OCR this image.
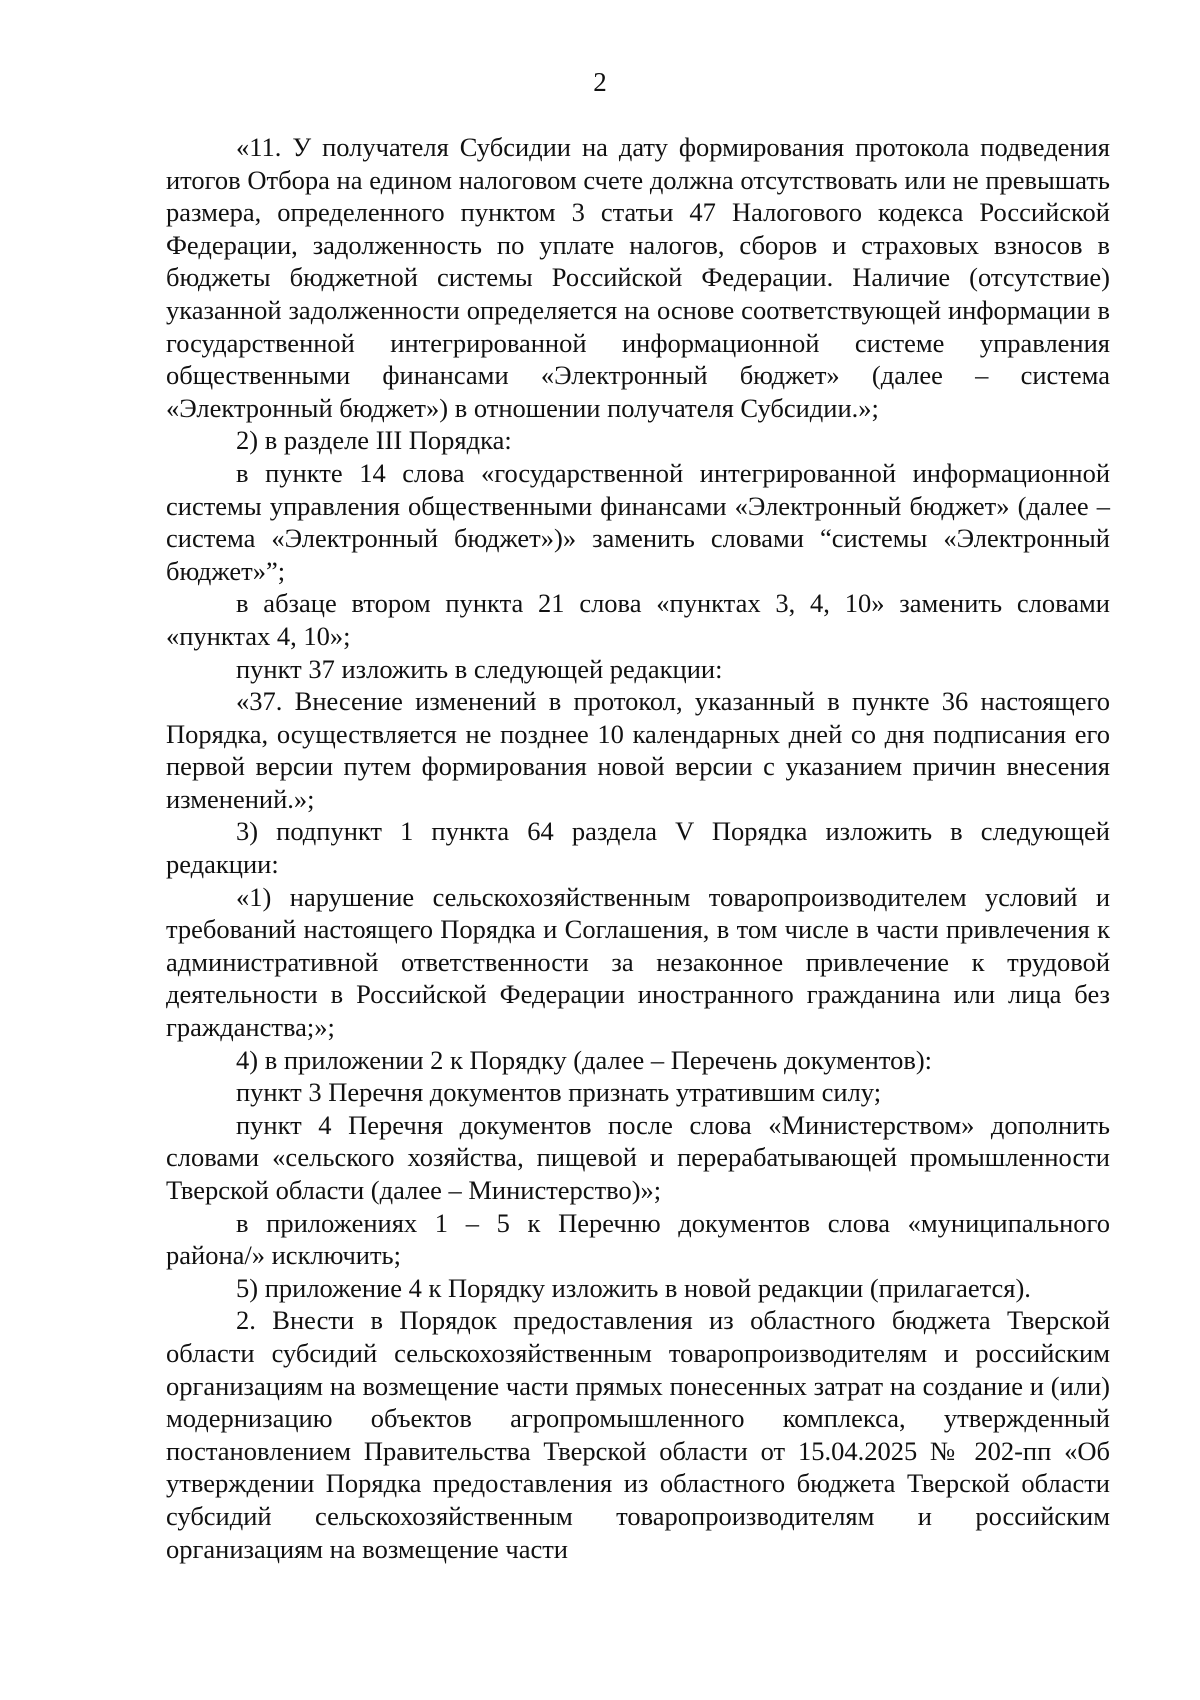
2

«11. У получателя Субсидии на дату формирования протокола подведения итогов Отбора на едином налоговом счете должна отсутствовать или не превышать размера, определенного пунктом 3 статьи 47 Налогового кодекса Российской Федерации, задолженность по уплате налогов, сборов и страховых взносов в бюджеты бюджетной системы Российской Федерации. Наличие (отсутствие) указанной задолженности определяется на основе соответствующей информации в государственной интегрированной информационной системе управления общественными финансами «Электронный бюджет» (далее – система «Электронный бюджет») в отношении получателя Субсидии.»;

2) в разделе III Порядка:

в пункте 14 слова «государственной интегрированной информационной системы управления общественными финансами «Электронный бюджет» (далее – система «Электронный бюджет»)» заменить словами “системы «Электронный бюджет»”;

в абзаце втором пункта 21 слова «пунктах 3, 4, 10» заменить словами «пунктах 4, 10»;

пункт 37 изложить в следующей редакции:

«37. Внесение изменений в протокол, указанный в пункте 36 настоящего Порядка, осуществляется не позднее 10 календарных дней со дня подписания его первой версии путем формирования новой версии с указанием причин внесения изменений.»;

3) подпункт 1 пункта 64 раздела V Порядка изложить в следующей редакции:

«1) нарушение сельскохозяйственным товаропроизводителем условий и требований настоящего Порядка и Соглашения, в том числе в части привлечения к административной ответственности за незаконное привлечение к трудовой деятельности в Российской Федерации иностранного гражданина или лица без гражданства;»;

4) в приложении 2 к Порядку (далее – Перечень документов):

пункт 3 Перечня документов признать утратившим силу;

пункт 4 Перечня документов после слова «Министерством» дополнить словами «сельского хозяйства, пищевой и перерабатывающей промышленности Тверской области (далее – Министерство)»;

в приложениях 1 – 5 к Перечню документов слова «муниципального района/» исключить;

5) приложение 4 к Порядку изложить в новой редакции (прилагается).

2. Внести в Порядок предоставления из областного бюджета Тверской области субсидий сельскохозяйственным товаропроизводителям и российским организациям на возмещение части прямых понесенных затрат на создание и (или) модернизацию объектов агропромышленного комплекса, утвержденный постановлением Правительства Тверской области от 15.04.2025 № 202-пп «Об утверждении Порядка предоставления из областного бюджета Тверской области субсидий сельскохозяйственным товаропроизводителям и российским организациям на возмещение части
